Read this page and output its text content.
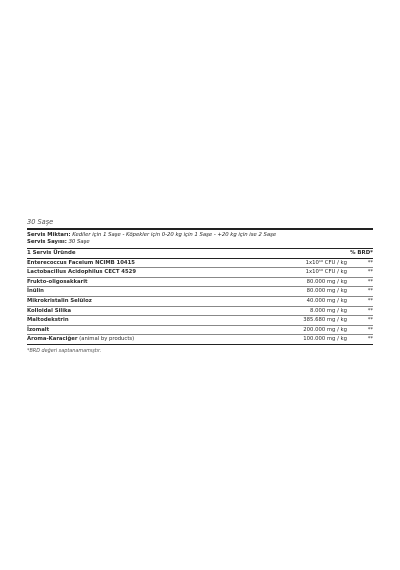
30 Saşe
Servis Miktarı: Kediler için 1 Saşe - Köpekler için 0-20 kg için 1 Saşe - +20 kg için ise 2 Saşe
Servis Sayısı: 30 Saşe
1 Servis Üründe	% BRD*
Enterecoccus Faceium NCIMB 10415	1x10¹⁰ CFU / kg	**
Lactobacillus Acidophilus CECT 4529	1x10¹⁰ CFU / kg	**
Frukto-oligosakkarit	80.000 mg / kg	**
İnülin	80.000 mg / kg	**
Mikrokristalin Selüloz	40.000 mg / kg	**
Kolloidal Silika	8.000 mg / kg	**
Maltodekstrin	385.680 mg / kg	**
İzomalt	200.000 mg / kg	**
Aroma-Karaciğer (animal by products)	100.000 mg / kg	**
*BRD değeri saptanamamıştır.
